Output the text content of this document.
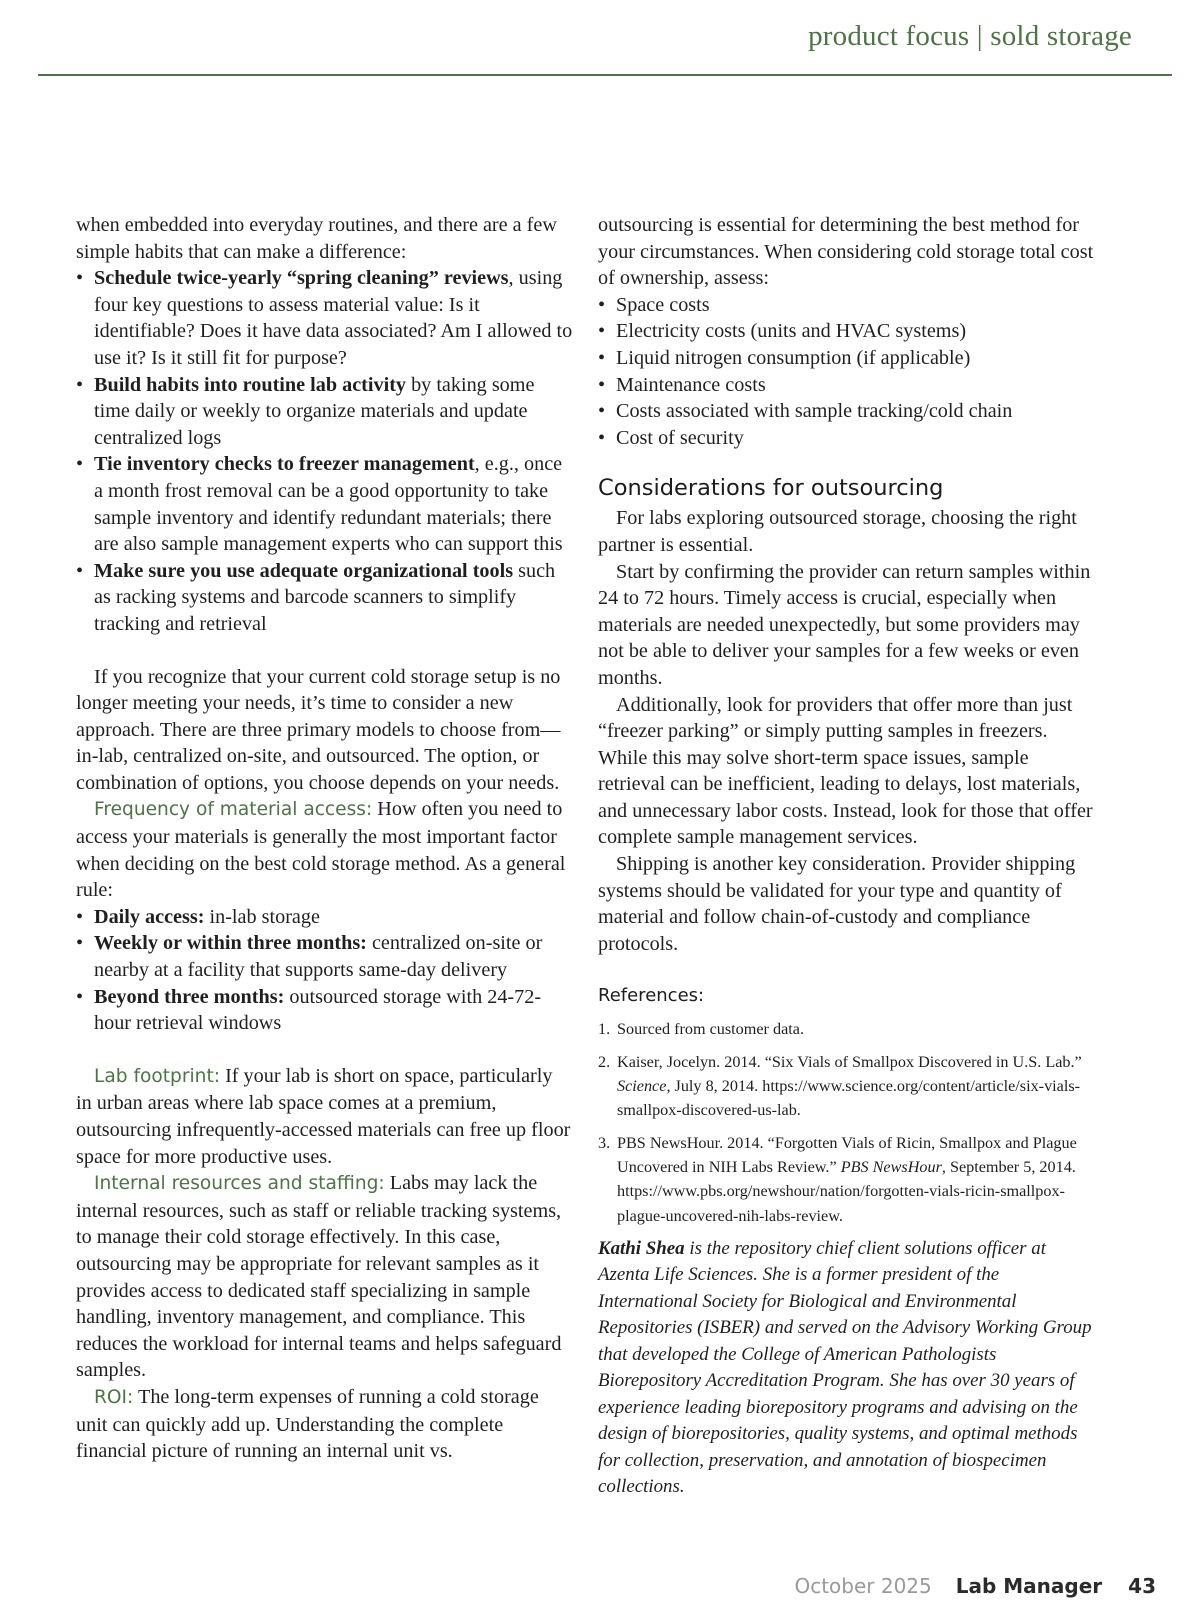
product focus | sold storage

when embedded into everyday routines, and there are a few simple habits that can make a difference:

• Schedule twice-yearly “spring cleaning” reviews, using four key questions to assess material value: Is it identifiable? Does it have data associated? Am I allowed to use it? Is it still fit for purpose?
• Build habits into routine lab activity by taking some time daily or weekly to organize materials and update centralized logs
• Tie inventory checks to freezer management, e.g., once a month frost removal can be a good opportunity to take sample inventory and identify redundant materials; there are also sample management experts who can support this
• Make sure you use adequate organizational tools such as racking systems and barcode scanners to simplify tracking and retrieval

If you recognize that your current cold storage setup is no longer meeting your needs, it’s time to consider a new approach. There are three primary models to choose from—in-lab, centralized on-site, and outsourced. The option, or combination of options, you choose depends on your needs.

Frequency of material access: How often you need to access your materials is generally the most important factor when deciding on the best cold storage method. As a general rule:

• Daily access: in-lab storage
• Weekly or within three months: centralized on-site or nearby at a facility that supports same-day delivery
• Beyond three months: outsourced storage with 24-72-hour retrieval windows

Lab footprint: If your lab is short on space, particularly in urban areas where lab space comes at a premium, outsourcing infrequently-accessed materials can free up floor space for more productive uses.

Internal resources and staffing: Labs may lack the internal resources, such as staff or reliable tracking systems, to manage their cold storage effectively. In this case, outsourcing may be appropriate for relevant samples as it provides access to dedicated staff specializing in sample handling, inventory management, and compliance. This reduces the workload for internal teams and helps safeguard samples.

ROI: The long-term expenses of running a cold storage unit can quickly add up. Understanding the complete financial picture of running an internal unit vs.

outsourcing is essential for determining the best method for your circumstances. When considering cold storage total cost of ownership, assess:

• Space costs
• Electricity costs (units and HVAC systems)
• Liquid nitrogen consumption (if applicable)
• Maintenance costs
• Costs associated with sample tracking/cold chain
• Cost of security
Considerations for outsourcing

For labs exploring outsourced storage, choosing the right partner is essential.

Start by confirming the provider can return samples within 24 to 72 hours. Timely access is crucial, especially when materials are needed unexpectedly, but some providers may not be able to deliver your samples for a few weeks or even months.

Additionally, look for providers that offer more than just “freezer parking” or simply putting samples in freezers. While this may solve short-term space issues, sample retrieval can be inefficient, leading to delays, lost materials, and unnecessary labor costs. Instead, look for those that offer complete sample management services.

Shipping is another key consideration. Provider shipping systems should be validated for your type and quantity of material and follow chain-of-custody and compliance protocols.

References:
1. Sourced from customer data.
2. Kaiser, Jocelyn. 2014. “Six Vials of Smallpox Discovered in U.S. Lab.” Science, July 8, 2014. https://www.science.org/content/article/six-vials-smallpox-discovered-us-lab.
3. PBS NewsHour. 2014. “Forgotten Vials of Ricin, Smallpox and Plague Uncovered in NIH Labs Review.” PBS NewsHour, September 5, 2014. https://www.pbs.org/newshour/nation/forgotten-vials-ricin-smallpox-plague-uncovered-nih-labs-review.

Kathi Shea is the repository chief client solutions officer at Azenta Life Sciences. She is a former president of the International Society for Biological and Environmental Repositories (ISBER) and served on the Advisory Working Group that developed the College of American Pathologists Biorepository Accreditation Program. She has over 30 years of experience leading biorepository programs and advising on the design of biorepositories, quality systems, and optimal methods for collection, preservation, and annotation of biospecimen collections.

October 2025 Lab Manager 43
